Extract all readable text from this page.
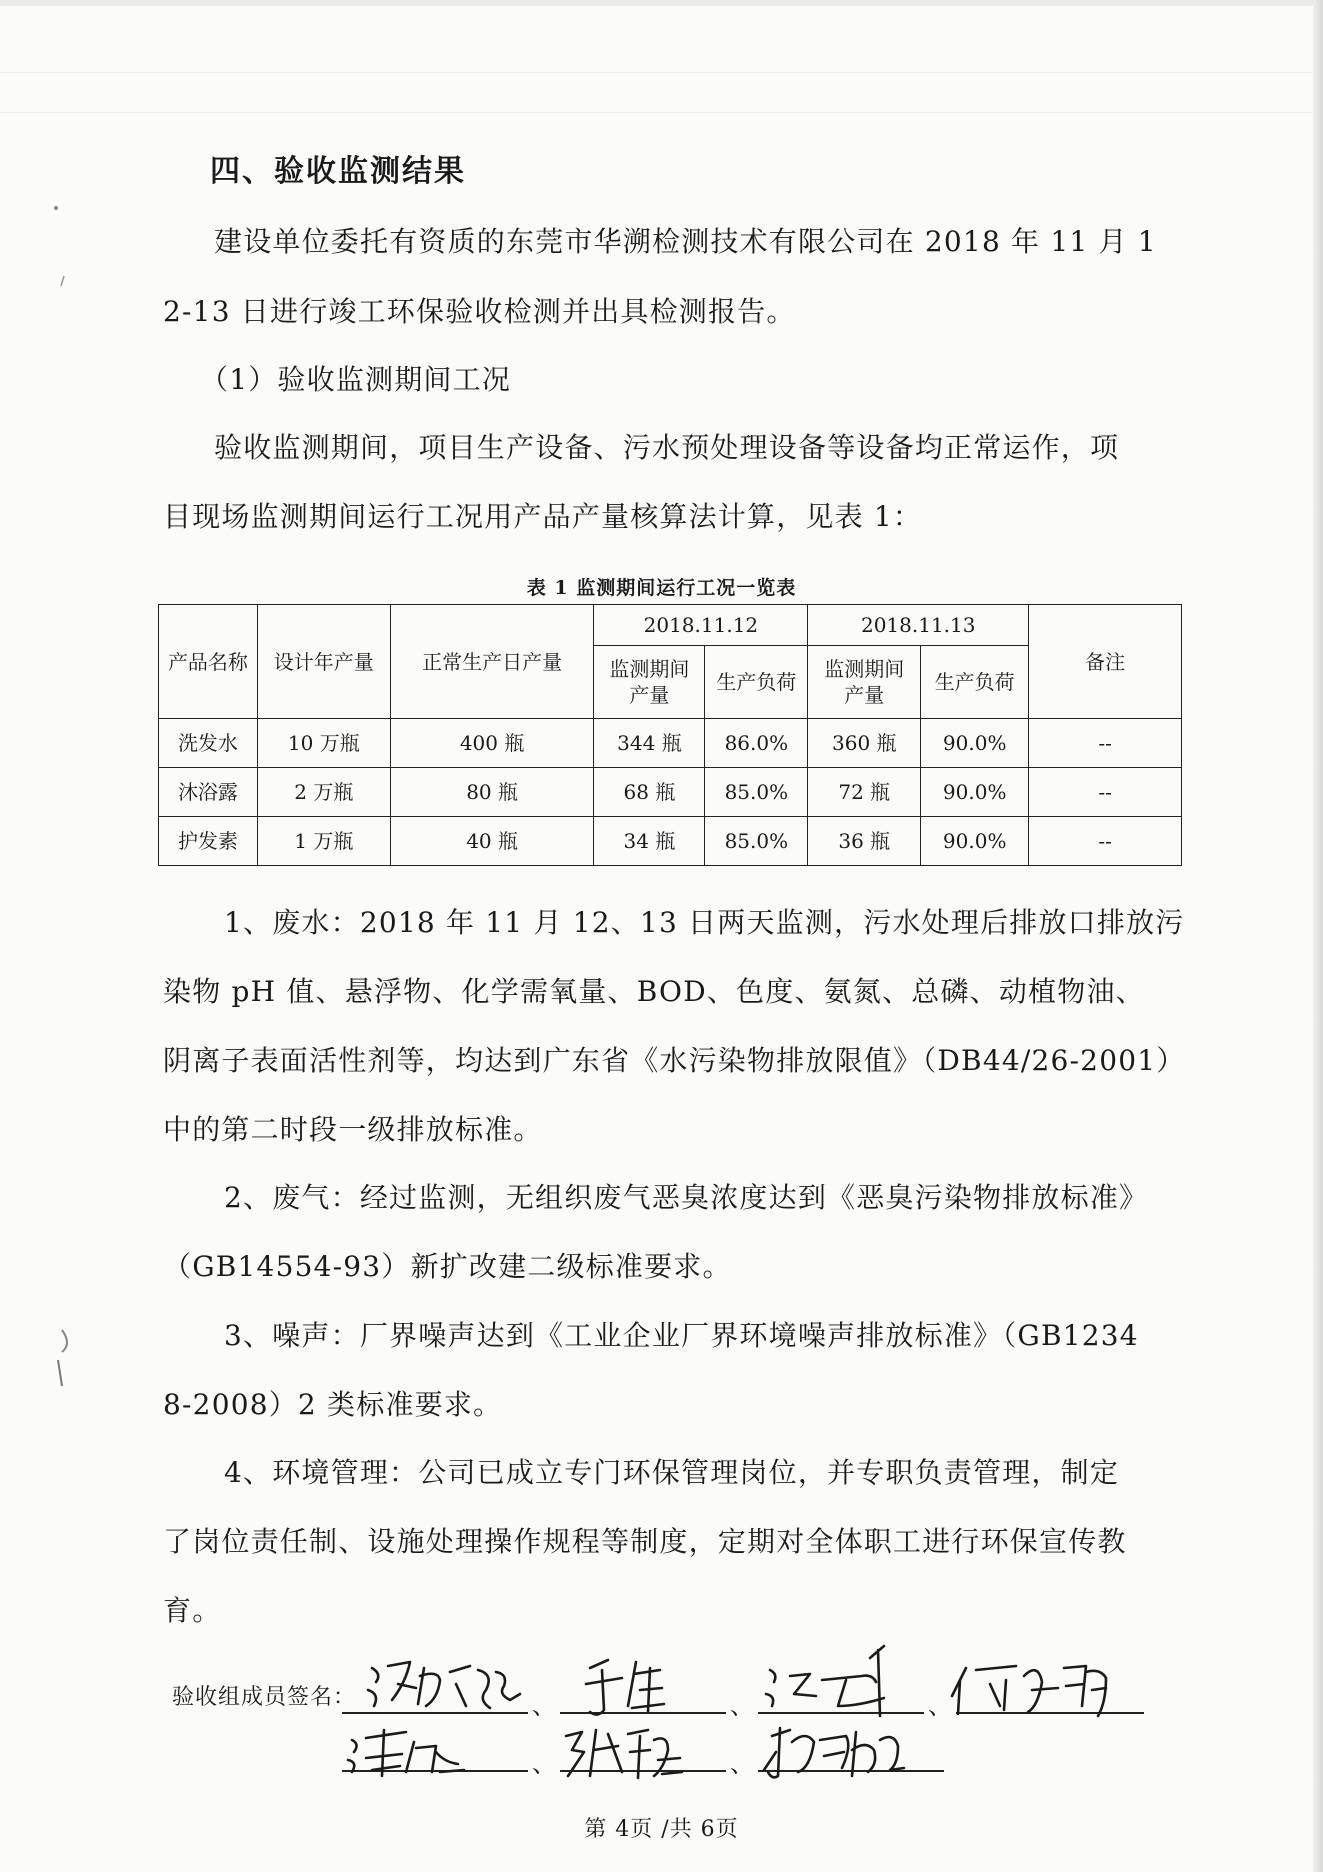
四、验收监测结果
建设单位委托有资质的东莞市华溯检测技术有限公司在 2018 年 11 月 1
2-13 日进行竣工环保验收检测并出具检测报告。
（1）验收监测期间工况
验收监测期间，项目生产设备、污水预处理设备等设备均正常运作，项
目现场监测期间运行工况用产品产量核算法计算，见表 1：
表 1 监测期间运行工况一览表
产品名称	设计年产量	正常生产日产量	2018.11.12		2018.11.13		备注
			监测期间产量	生产负荷	监测期间产量	生产负荷	
洗发水	10 万瓶	400 瓶	344 瓶	86.0%	360 瓶	90.0%	--
沐浴露	2 万瓶	80 瓶	68 瓶	85.0%	72 瓶	90.0%	--
护发素	1 万瓶	40 瓶	34 瓶	85.0%	36 瓶	90.0%	--
1、废水：2018 年 11 月 12、13 日两天监测，污水处理后排放口排放污
染物 pH 值、悬浮物、化学需氧量、BOD、色度、氨氮、总磷、动植物油、
阴离子表面活性剂等，均达到广东省《水污染物排放限值》（DB44/26-2001）
中的第二时段一级排放标准。
2、废气：经过监测，无组织废气恶臭浓度达到《恶臭污染物排放标准》
（GB14554-93）新扩改建二级标准要求。
3、噪声：厂界噪声达到《工业企业厂界环境噪声排放标准》（GB1234
8-2008）2 类标准要求。
4、环境管理：公司已成立专门环保管理岗位，并专职负责管理，制定
了岗位责任制、设施处理操作规程等制度，定期对全体职工进行环保宣传教
育。
验收组成员签名：	、	、	、
、	、
第 4页 /共 6页
